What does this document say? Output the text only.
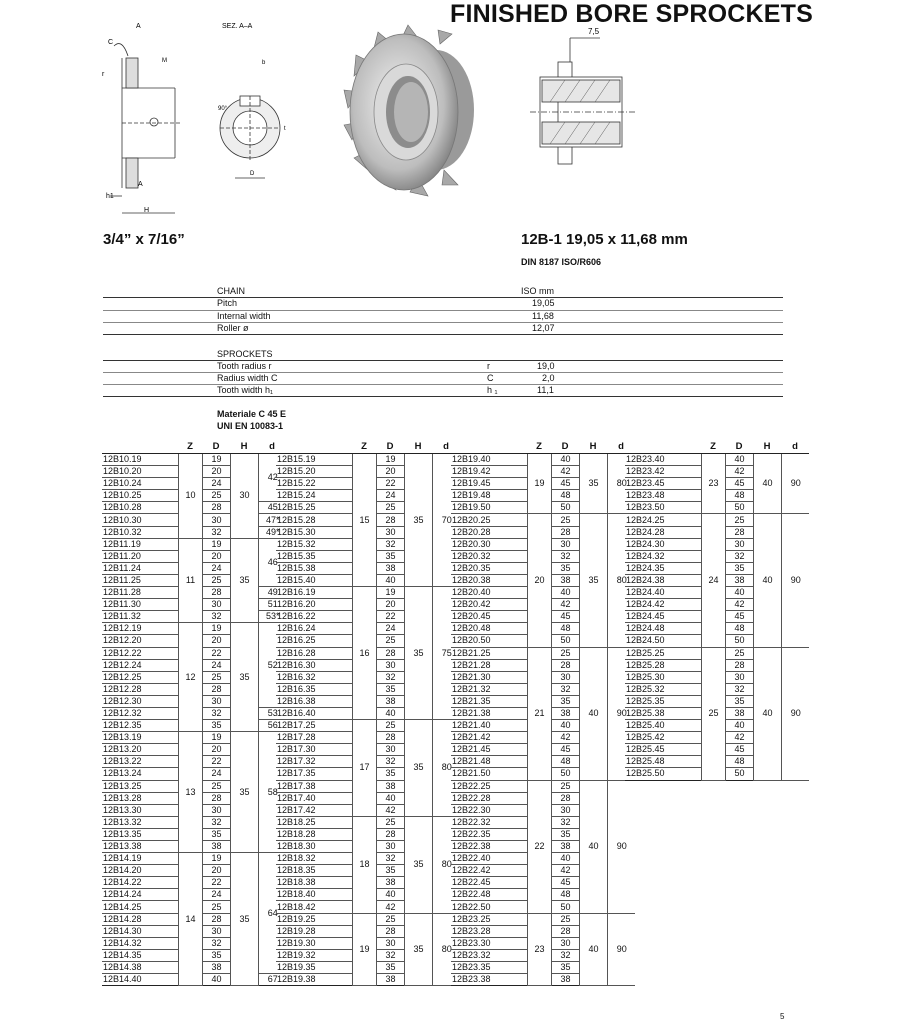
FINISHED BORE SPROCKETS
A
C
r
M
A
h1
H
SEZ. A–A
b
90°
t
D
7,5
3/4” x 7/16”	12B-1 19,05 x 11,68 mm
DIN 8187 ISO/R606
CHAIN	ISO mm
Pitch	19,05
Internal width	11,68
Roller ø	12,07
SPROCKETS
Tooth radius r	r	19,0
Radius width C	C	2,0
Tooth width h₁	h ₁	11,1
Materiale C 45 E
UNI EN 10083-1
	Z	D	H	d
12B10.19	10	19	30	42
12B10.20		20		
12B10.24		24		
12B10.25		25		
12B10.28		28		45
12B10.30		30		47*
12B10.32		32		49*
12B11.19	11	19	35	46
12B11.20		20		
12B11.24		24		
12B11.25		25		
12B11.28		28		49
12B11.30		30		51
12B11.32		32		53*
12B12.19	12	19	35	52
12B12.20		20		
12B12.22		22		
12B12.24		24		
12B12.25		25		
12B12.28		28		
12B12.30		30		
12B12.32		32		53
12B12.35		35		56
12B13.19	13	19	35	58
12B13.20		20		
12B13.22		22		
12B13.24		24		
12B13.25		25		
12B13.28		28		
12B13.30		30		
12B13.32		32		
12B13.35		35		
12B13.38		38		
12B14.19	14	19	35	64
12B14.20		20		
12B14.22		22		
12B14.24		24		
12B14.25		25		
12B14.28		28		
12B14.30		30		
12B14.32		32		
12B14.35		35		
12B14.38		38		
12B14.40		40		67
	Z	D	H	d
12B15.19	15	19	35	70
12B15.20		20		
12B15.22		22		
12B15.24		24		
12B15.25		25		
12B15.28		28		
12B15.30		30		
12B15.32		32		
12B15.35		35		
12B15.38		38		
12B15.40		40		
12B16.19	16	19	35	75
12B16.20		20		
12B16.22		22		
12B16.24		24		
12B16.25		25		
12B16.28		28		
12B16.30		30		
12B16.32		32		
12B16.35		35		
12B16.38		38		
12B16.40		40		
12B17.25	17	25	35	80
12B17.28		28		
12B17.30		30		
12B17.32		32		
12B17.35		35		
12B17.38		38		
12B17.40		40		
12B17.42		42		
12B18.25	18	25	35	80
12B18.28		28		
12B18.30		30		
12B18.32		32		
12B18.35		35		
12B18.38		38		
12B18.40		40		
12B18.42		42		
12B19.25	19	25	35	80
12B19.28		28		
12B19.30		30		
12B19.32		32		
12B19.35		35		
12B19.38		38		
	Z	D	H	d
12B19.40	19	40	35	80
12B19.42		42		
12B19.45		45		
12B19.48		48		
12B19.50		50		
12B20.25	20	25	35	80
12B20.28		28		
12B20.30		30		
12B20.32		32		
12B20.35		35		
12B20.38		38		
12B20.40		40		
12B20.42		42		
12B20.45		45		
12B20.48		48		
12B20.50		50		
12B21.25	21	25	40	90
12B21.28		28		
12B21.30		30		
12B21.32		32		
12B21.35		35		
12B21.38		38		
12B21.40		40		
12B21.42		42		
12B21.45		45		
12B21.48		48		
12B21.50		50		
12B22.25	22	25	40	90
12B22.28		28		
12B22.30		30		
12B22.32		32		
12B22.35		35		
12B22.38		38		
12B22.40		40		
12B22.42		42		
12B22.45		45		
12B22.48		48		
12B22.50		50		
12B23.25	23	25	40	90
12B23.28		28		
12B23.30		30		
12B23.32		32		
12B23.35		35		
12B23.38		38		
	Z	D	H	d
12B23.40	23	40	40	90
12B23.42		42		
12B23.45		45		
12B23.48		48		
12B23.50		50		
12B24.25	24	25	40	90
12B24.28		28		
12B24.30		30		
12B24.32		32		
12B24.35		35		
12B24.38		38		
12B24.40		40		
12B24.42		42		
12B24.45		45		
12B24.48		48		
12B24.50		50		
12B25.25	25	25	40	90
12B25.28		28		
12B25.30		30		
12B25.32		32		
12B25.35		35		
12B25.38		38		
12B25.40		40		
12B25.42		42		
12B25.45		45		
12B25.48		48		
12B25.50		50		
5
